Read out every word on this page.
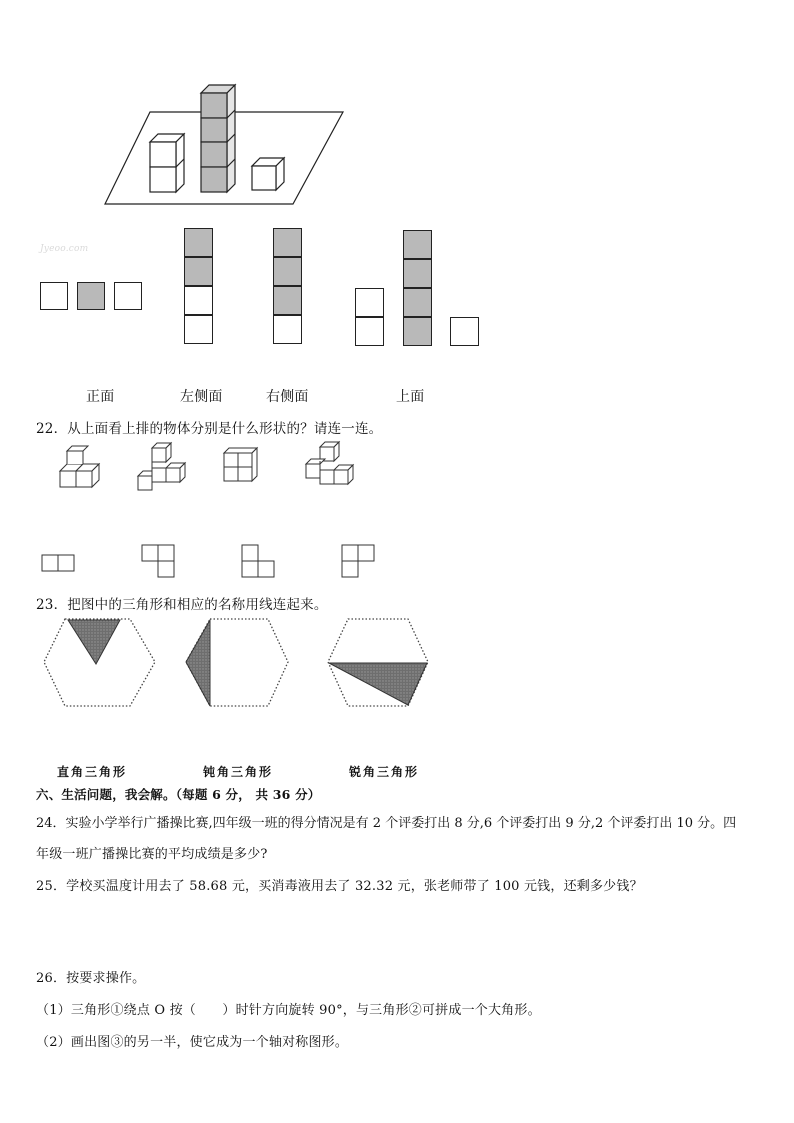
Jyeoo.com
正面	左侧面	右侧面	上面
22．从上面看上排的物体分别是什么形状的？请连一连。
23．把图中的三角形和相应的名称用线连起来。
直角三角形	钝角三角形	锐角三角形
六、生活问题，我会解。（每题 6 分， 共 36 分）
24．实验小学举行广播操比赛,四年级一班的得分情况是有 2 个评委打出 8 分,6 个评委打出 9 分,2 个评委打出 10 分。四
年级一班广播操比赛的平均成绩是多少?
25．学校买温度计用去了 58.68 元，买消毒液用去了 32.32 元，张老师带了 100 元钱，还剩多少钱？
26．按要求操作。
（1）三角形①绕点 O 按（　　）时针方向旋转 90°，与三角形②可拼成一个大角形。
（2）画出图③的另一半，使它成为一个轴对称图形。
